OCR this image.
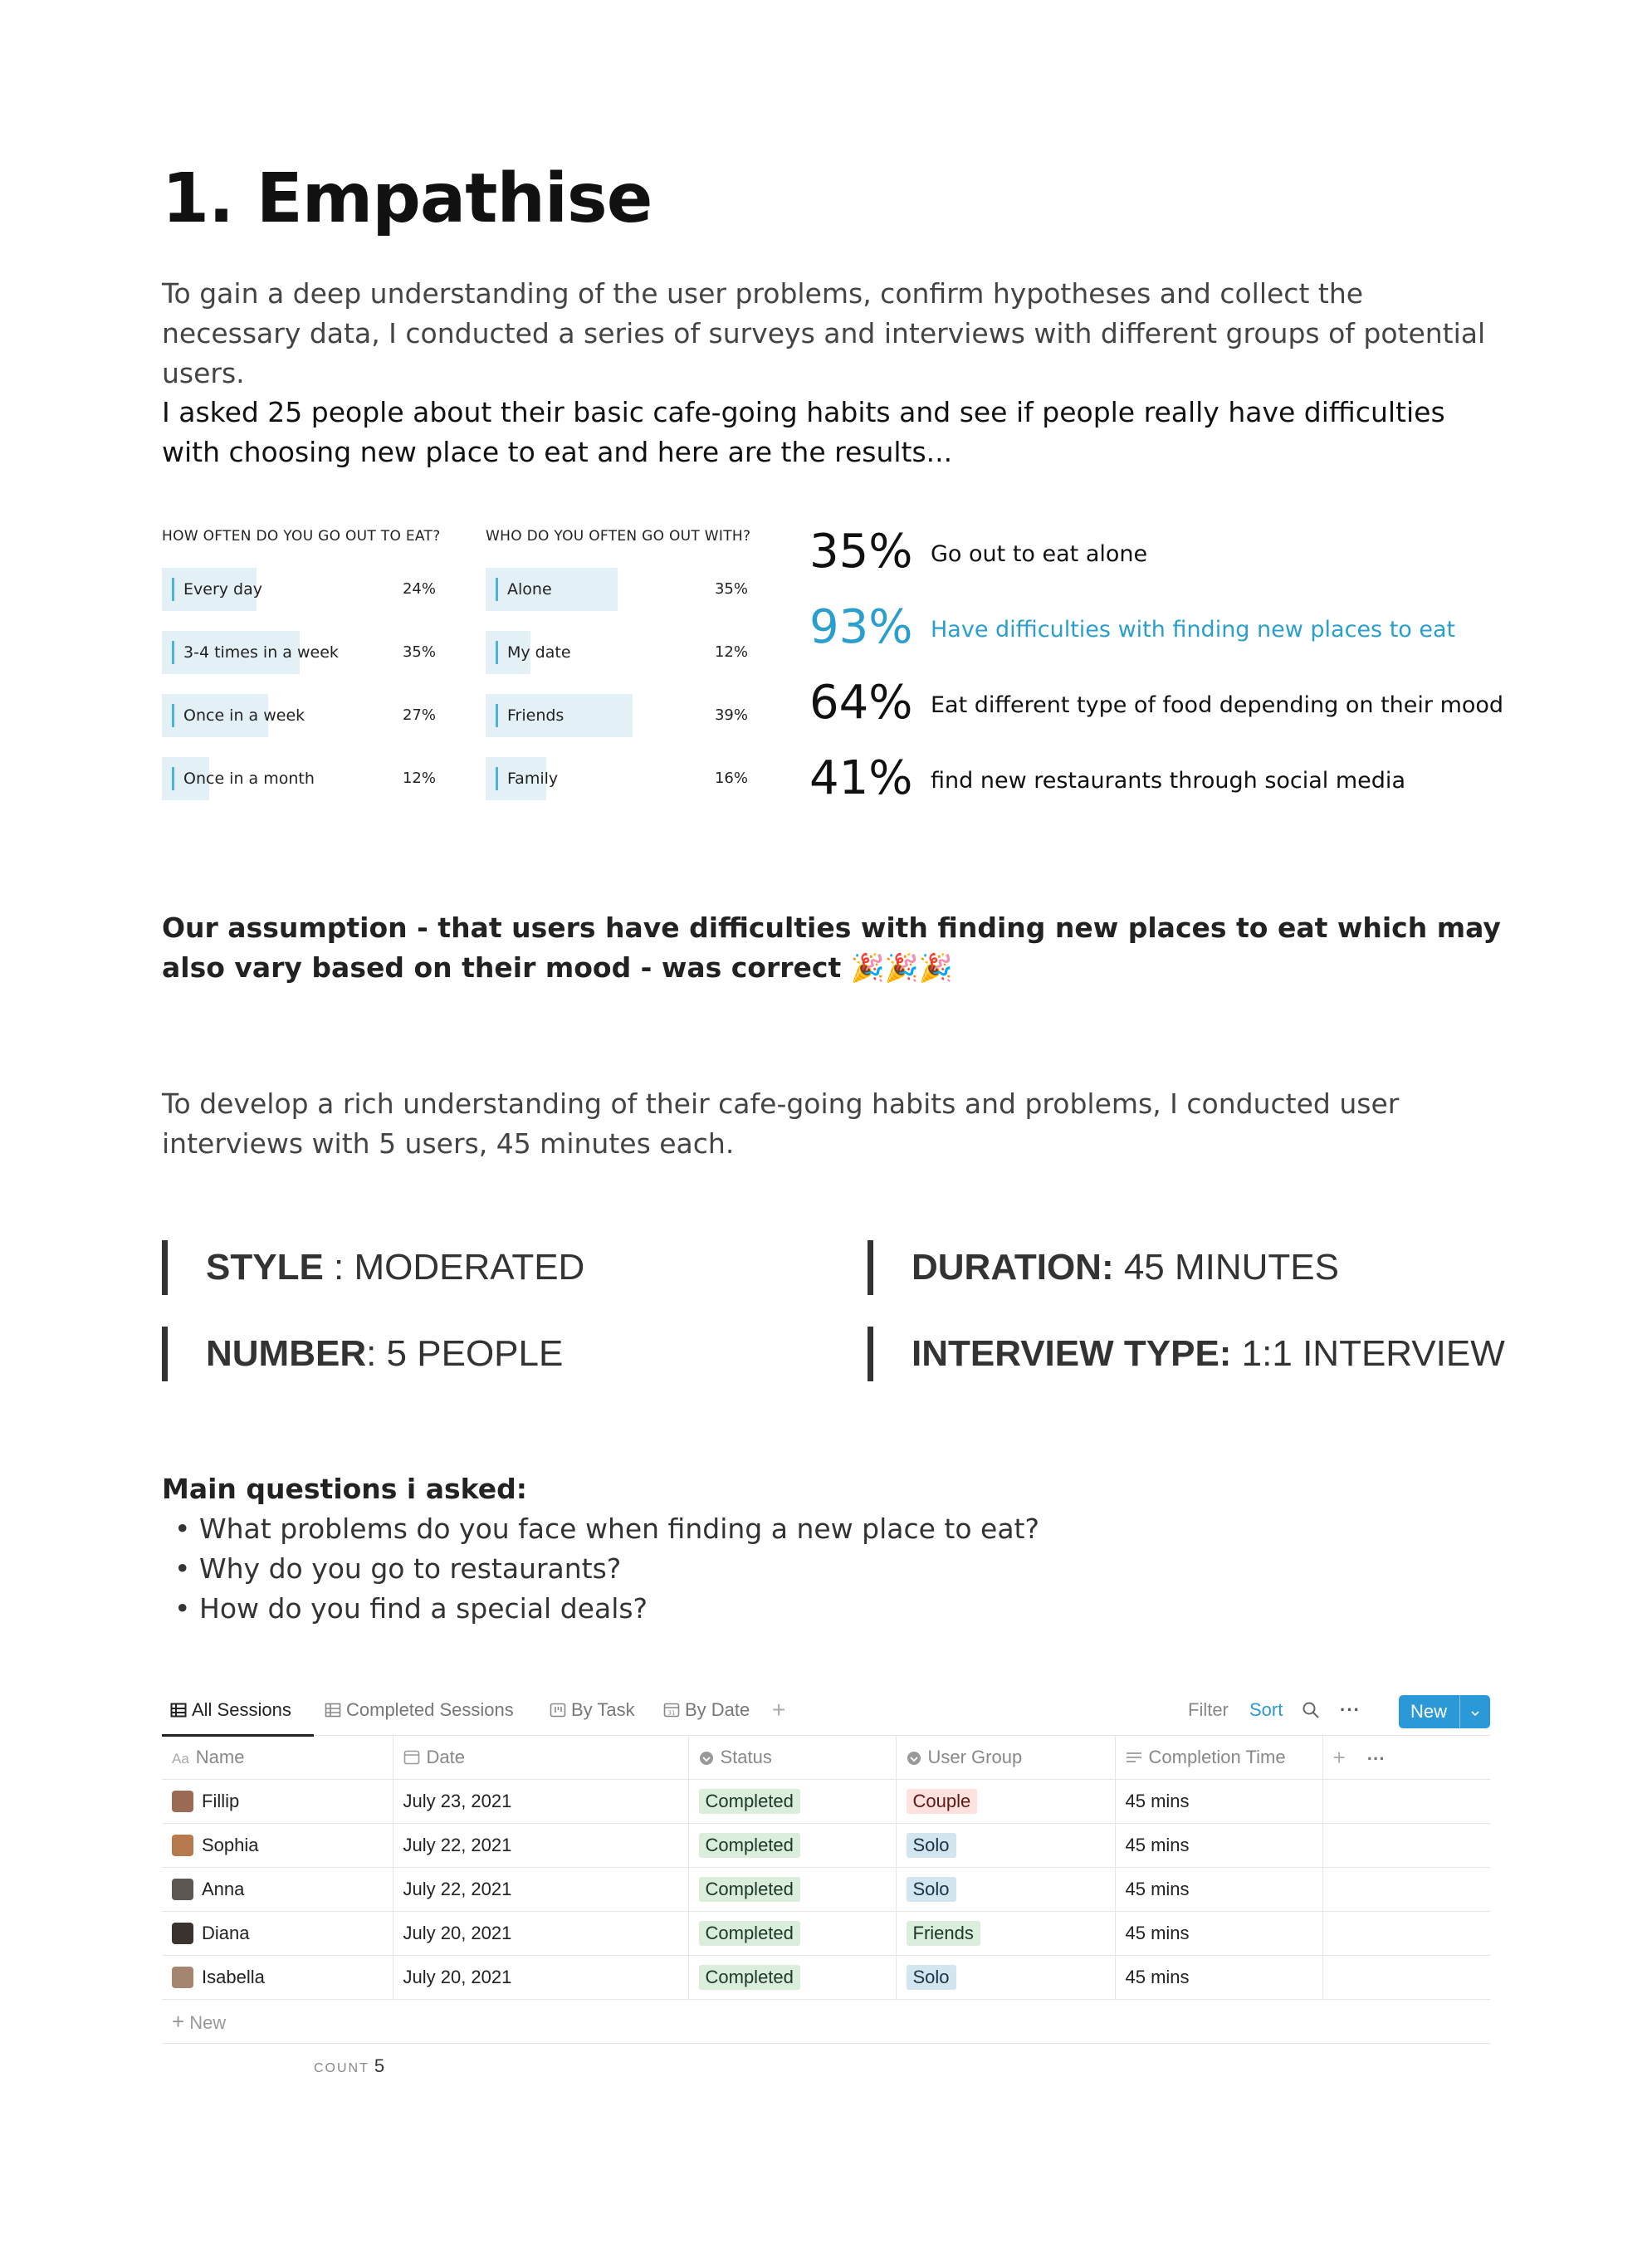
1. Empathise

To gain a deep understanding of the user problems, confirm hypotheses and collect the necessary data, I conducted a series of surveys and interviews with different groups of potential users.

I asked 25 people about their basic cafe-going habits and see if people really have difficulties with choosing new place to eat and here are the results...

HOW OFTEN DO YOU GO OUT TO EAT?
Every day	24%
3-4 times in a week	35%
Once in a week	27%
Once in a month	12%
WHO DO YOU OFTEN GO OUT WITH?
Alone	35%
My date	12%
Friends	39%
Family	16%
35% Go out to eat alone
93% Have difficulties with finding new places to eat
64% Eat different type of food depending on their mood
41% find new restaurants through social media

Our assumption - that users have difficulties with finding new places to eat which may also vary based on their mood - was correct 🎉🎉🎉

To develop a rich understanding of their cafe-going habits and problems, I conducted user interviews with 5 users, 45 minutes each.

STYLE : MODERATED	DURATION: 45 MINUTES
NUMBER: 5 PEOPLE	INTERVIEW TYPE: 1:1 INTERVIEW
Main questions i asked:
• What problems do you face when finding a new place to eat?
• Why do you go to restaurants?
• How do you find a special deals?
All Sessions	Completed Sessions	By Task	31 By Date +	Filter Sort	···	New
Aa Name	Date	Status	User Group	Completion Time	+ ···
Fillip	July 23, 2021	Completed	Couple	45 mins	
Sophia	July 22, 2021	Completed	Solo	45 mins	
Anna	July 22, 2021	Completed	Solo	45 mins	
Diana	July 20, 2021	Completed	Friends	45 mins	
Isabella	July 20, 2021	Completed	Solo	45 mins	
+ New
COUNT 5
